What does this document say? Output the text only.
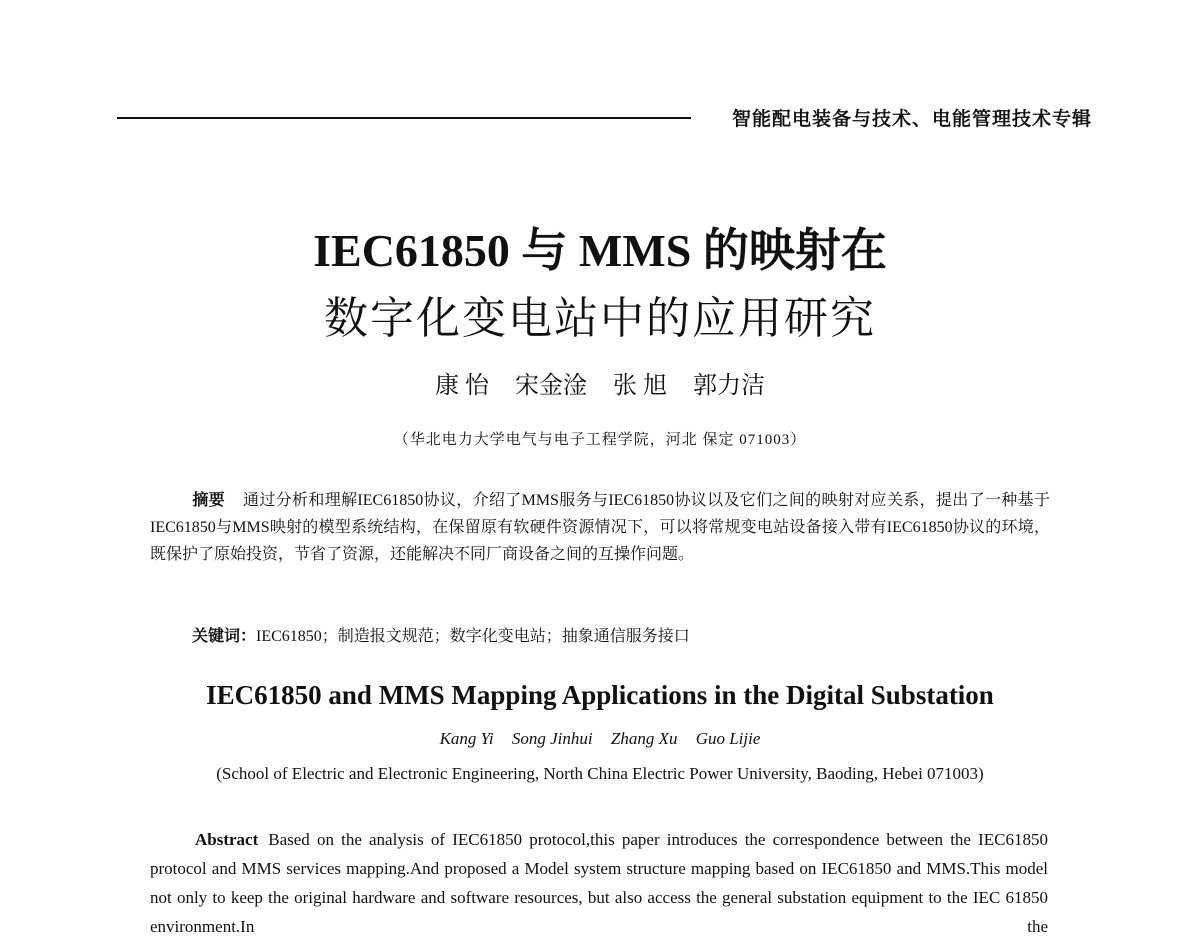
智能配电装备与技术、电能管理技术专辑
IEC61850 与 MMS 的映射在
数字化变电站中的应用研究
康 怡 宋金淦 张 旭 郭力洁
（华北电力大学电气与电子工程学院，河北 保定 071003）
摘要 通过分析和理解IEC61850协议，介绍了MMS服务与IEC61850协议以及它们之间的映射对应关系，提出了一种基于IEC61850与MMS映射的模型系统结构，在保留原有软硬件资源情况下，可以将常规变电站设备接入带有IEC61850协议的环境，既保护了原始投资，节省了资源，还能解决不同厂商设备之间的互操作问题。
关键词：IEC61850；制造报文规范；数字化变电站；抽象通信服务接口
IEC61850 and MMS Mapping Applications in the Digital Substation
Kang Yi Song Jinhui Zhang Xu Guo Lijie
(School of Electric and Electronic Engineering, North China Electric Power University, Baoding, Hebei 071003)
Abstract Based on the analysis of IEC61850 protocol,this paper introduces the correspondence between the IEC61850 protocol and MMS services mapping.And proposed a Model system structure mapping based on IEC61850 and MMS.This model not only to keep the original hardware and software resources, but also access the general substation equipment to the IEC 61850 environment.In the
